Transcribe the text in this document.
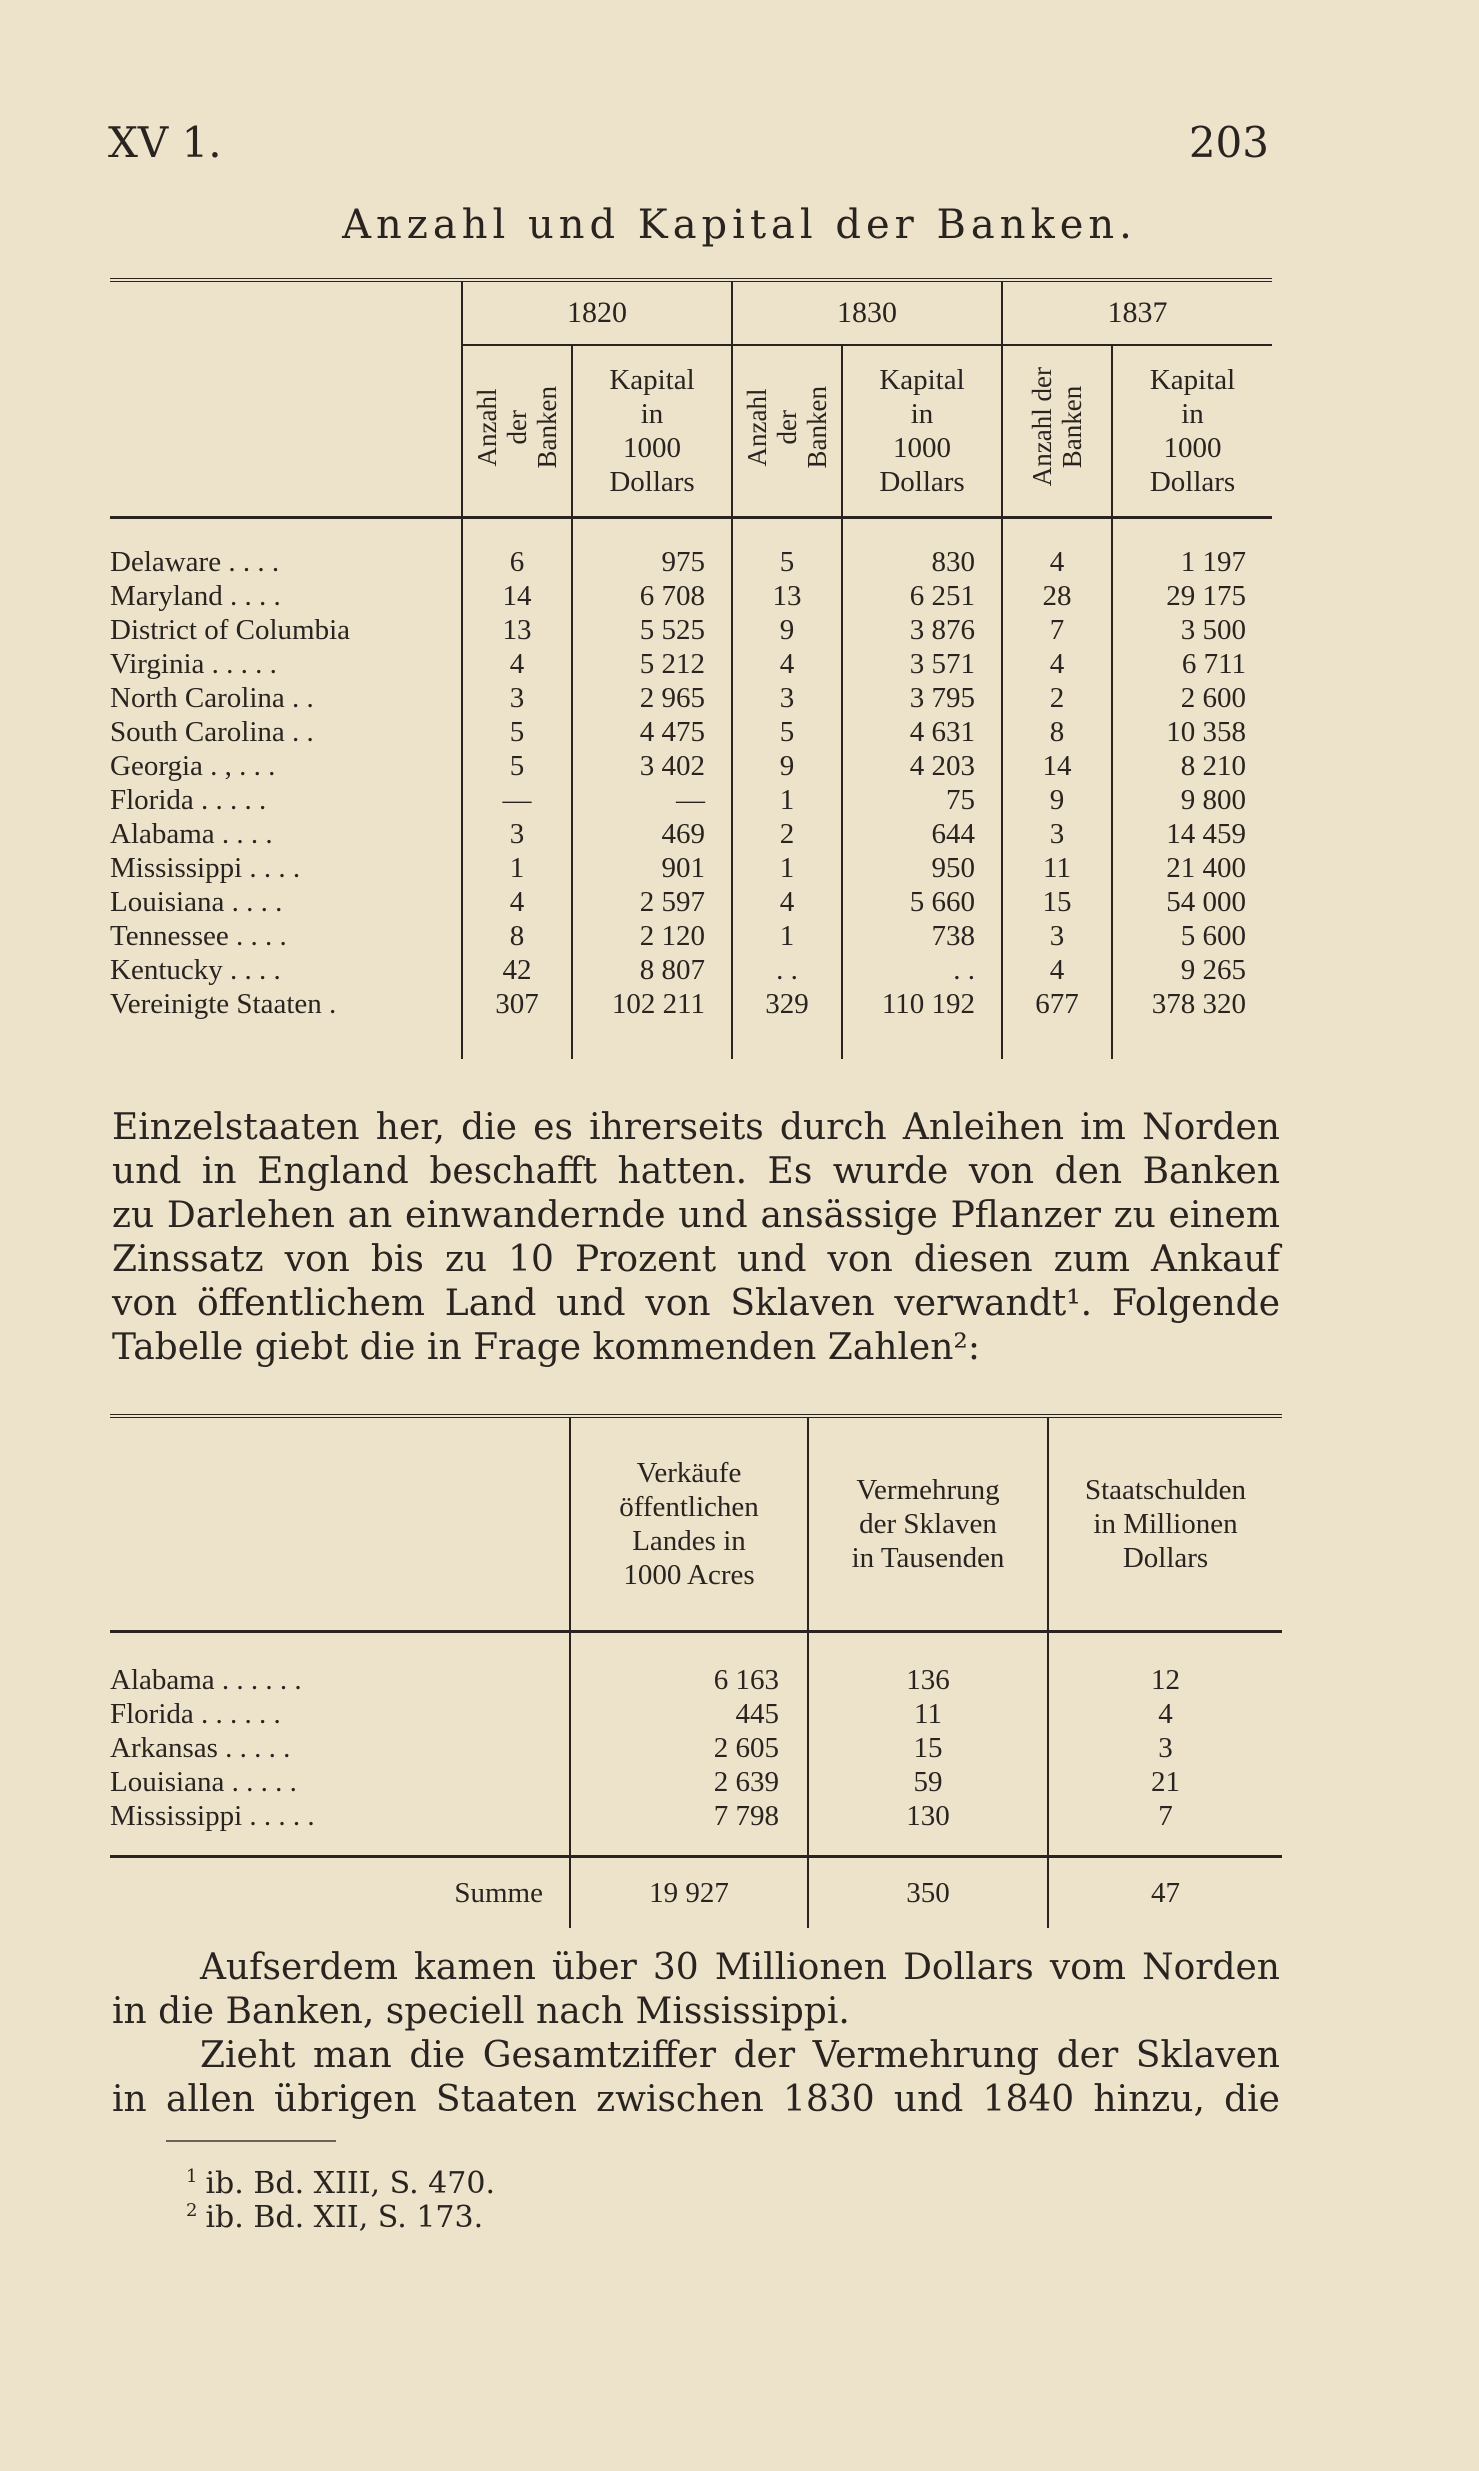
XV 1.	203
Anzahl und Kapital der Banken.
	1820		1830		1837	
	Anzahl
der
Banken	Kapital
in
1000
Dollars	Anzahl
der
Banken	Kapital
in
1000
Dollars	Anzahl der
Banken	Kapital
in
1000
Dollars
Delaware . . . .	6	975	5	830	4	1 197
Maryland . . . .	14	6 708	13	6 251	28	29 175
District of Columbia	13	5 525	9	3 876	7	3 500
Virginia . . . . .	4	5 212	4	3 571	4	6 711
North Carolina . .	3	2 965	3	3 795	2	2 600
South Carolina . .	5	4 475	5	4 631	8	10 358
Georgia . , . . .	5	3 402	9	4 203	14	8 210
Florida . . . . .	—	—	1	75	9	9 800
Alabama . . . .	3	469	2	644	3	14 459
Mississippi . . . .	1	901	1	950	11	21 400
Louisiana . . . .	4	2 597	4	5 660	15	54 000
Tennessee . . . .	8	2 120	1	738	3	5 600
Kentucky . . . .	42	8 807	. .	. .	4	9 265
Vereinigte Staaten .	307	102 211	329	110 192	677	378 320
Einzelstaaten her, die es ihrerseits durch Anleihen im Norden
und in England beschafft hatten. Es wurde von den Banken
zu Darlehen an einwandernde und ansässige Pflanzer zu einem
Zinssatz von bis zu 10 Prozent und von diesen zum Ankauf
von öffentlichem Land und von Sklaven verwandt¹. Folgende
Tabelle giebt die in Frage kommenden Zahlen²:
	Verkäufe
öffentlichen
Landes in
1000 Acres	Vermehrung
der Sklaven
in Tausenden	Staatschulden
in Millionen
Dollars
Alabama . . . . . .	6 163	136	12
Florida . . . . . .	445	11	4
Arkansas . . . . .	2 605	15	3
Louisiana . . . . .	2 639	59	21
Mississippi . . . . .	7 798	130	7
Summe	19 927	350	47
Aufserdem kamen über 30 Millionen Dollars vom Norden
in die Banken, speciell nach Mississippi.
Zieht man die Gesamtziffer der Vermehrung der Sklaven
in allen übrigen Staaten zwischen 1830 und 1840 hinzu, die
$^1$ ib. Bd. XIII, S. 470.
$^2$ ib. Bd. XII, S. 173.
